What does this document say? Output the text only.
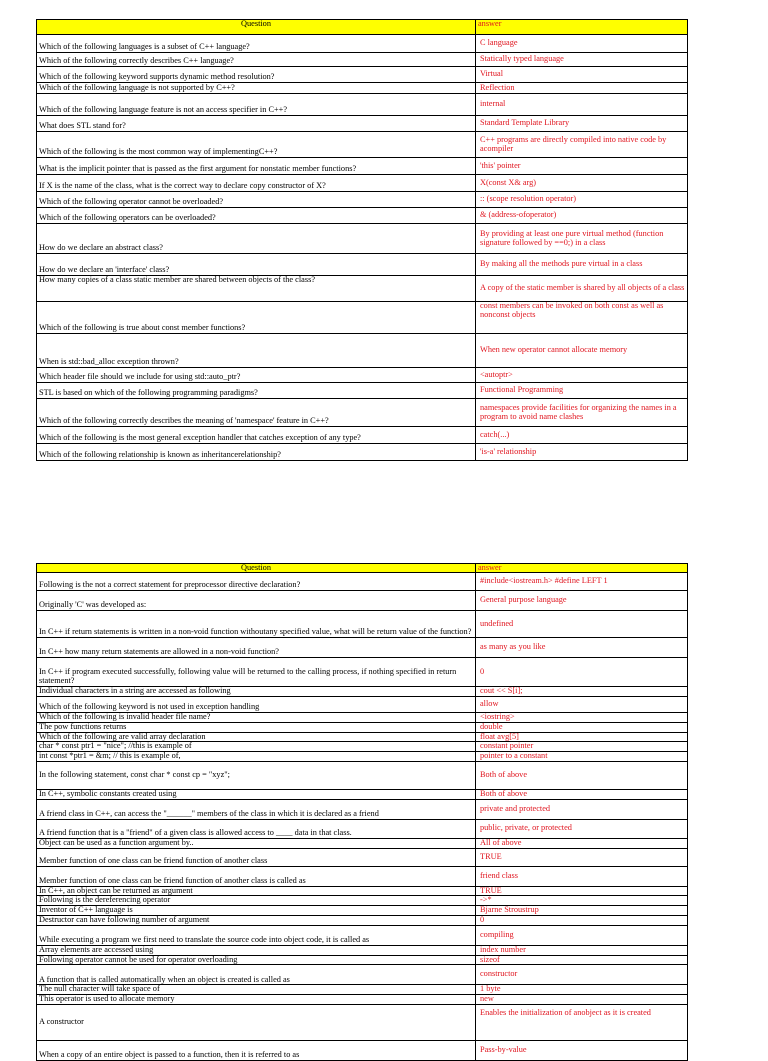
Question	answer
Which of the following languages is a subset of C++ language?	C language
Which of the following correctly describes C++ language?	Statically typed language
Which of the following keyword supports dynamic method resolution?	Virtual
Which of the following language is not supported by C++?	Reflection
Which of the following language feature is not an access specifier in C++?	internal
What does STL stand for?	Standard Template Library
Which of the following is the most common way of implementingC++?	C++ programs are directly compiled into native code by acompiler
What is the implicit pointer that is passed as the first argument for nonstatic member functions?	'this' pointer
If X is the name of the class, what is the correct way to declare copy constructor of X?	X(const X& arg)
Which of the following operator cannot be overloaded?	:: (scope resolution operator)
Which of the following operators can be overloaded?	& (address-ofoperator)
How do we declare an abstract class?	By providing at least one pure virtual method (function signature followed by ==0;) in a class
How do we declare an 'interface' class?	By making all the methods pure virtual in a class
How many copies of a class static member are shared between objects of the class?	A copy of the static member is shared by all objects of a class
Which of the following is true about const member functions?	const members can be invoked on both const as well as nonconst objects
When is std::bad_alloc exception thrown?	When new operator cannot allocate memory
Which header file should we include for using std::auto_ptr?	<autoptr>
STL is based on which of the following programming paradigms?	Functional Programming
Which of the following correctly describes the meaning of 'namespace' feature in C++?	namespaces provide facilities for organizing the names in a program to avoid name clashes
Which of the following is the most general exception handler that catches exception of any type?	catch(...)
Which of the following relationship is known as inheritancerelationship?	'is-a' relationship
Question	answer
Following is the not a correct statement for preprocessor directive declaration?	#include<iostream.h> #define LEFT 1
Originally 'C' was developed as:	General purpose language
In C++ if return statements is written in a non-void function withoutany specified value, what will be return value of the function?	undefined
In C++ how many return statements are allowed in a non-void function?	as many as you like
In C++ if program executed successfully, following value will be returned to the calling process, if nothing specified in return statement?	0
Individual characters in a string are accessed as following	cout << S[i];
Which of the following keyword is not used in exception handling	allow
Which of the following is invalid header file name?	<iostring>
The pow functions returns	double
Which of the following are valid array declaration	float avg[5]
char * const ptr1 = "nice"; //this is example of	constant pointer
int const *ptr1 = &m; // this is example of,	pointer to a constant
In the following statement, const char * const cp = "xyz";	Both of above
In C++, symbolic constants created using	Both of above
A friend class in C++, can access the "______" members of the class in which it is declared as a friend	private and protected
A friend function that is a "friend" of a given class is allowed access to ____ data in that class.	public, private, or protected
Object can be used as a function argument by..	All of above
Member function of one class can be friend function of another class	TRUE
Member function of one class can be friend function of another class is called as	friend class
In C++, an object can be returned as argument	TRUE
Following is the dereferencing operator	->*
Inventor of C++ language is	Bjarne Stroustrup
Destructor can have following number of argument	0
While executing a program we first need to translate the source code into object code, it is called as	compiling
Array elements are accessed using	index number
Following operator cannot be used for operator overloading	sizeof
A function that is called automatically when an object is created is called as	constructor
The null character will take space of	1 byte
This operator is used to allocate memory	new
A constructor	Enables the initialization of anobject as it is created
When a copy of an entire object is passed to a function, then it is referred to as	Pass-by-value
